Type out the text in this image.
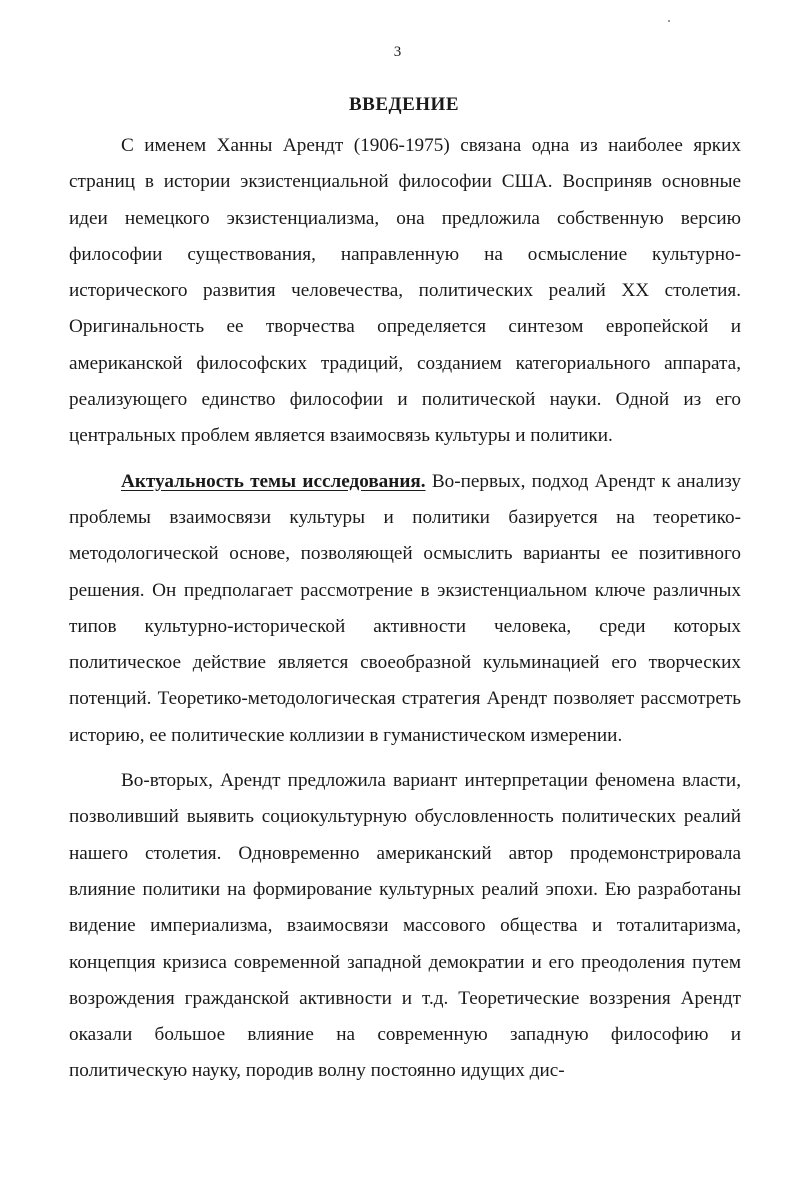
3
ВВЕДЕНИЕ

С именем Ханны Арендт (1906-1975) связана одна из наиболее ярких страниц в истории экзистенциальной философии США. Восприняв основные идеи немецкого экзистенциализма, она предложила собственную версию философии существования, направленную на осмысление культурно-исторического развития человечества, политических реалий XX столетия. Оригинальность ее творчества определяется синтезом европейской и американской философских традиций, созданием категориального аппарата, реализующего единство философии и политической науки. Одной из его центральных проблем является взаимосвязь культуры и политики.

Актуальность темы исследования. Во-первых, подход Арендт к анализу проблемы взаимосвязи культуры и политики базируется на теоретико-методологической основе, позволяющей осмыслить варианты ее позитивного решения. Он предполагает рассмотрение в экзистенциальном ключе различных типов культурно-исторической активности человека, среди которых политическое действие является своеобразной кульминацией его творческих потенций. Теоретико-методологическая стратегия Арендт позволяет рассмотреть историю, ее политические коллизии в гуманистическом измерении.

Во-вторых, Арендт предложила вариант интерпретации феномена власти, позволивший выявить социокультурную обусловленность политических реалий нашего столетия. Одновременно американский автор продемонстрировала влияние политики на формирование культурных реалий эпохи. Ею разработаны видение империализма, взаимосвязи массового общества и тоталитаризма, концепция кризиса современной западной демократии и его преодоления путем возрождения гражданской активности и т.д. Теоретические воззрения Арендт оказали большое влияние на современную западную философию и политическую науку, породив волну постоянно идущих дис-
